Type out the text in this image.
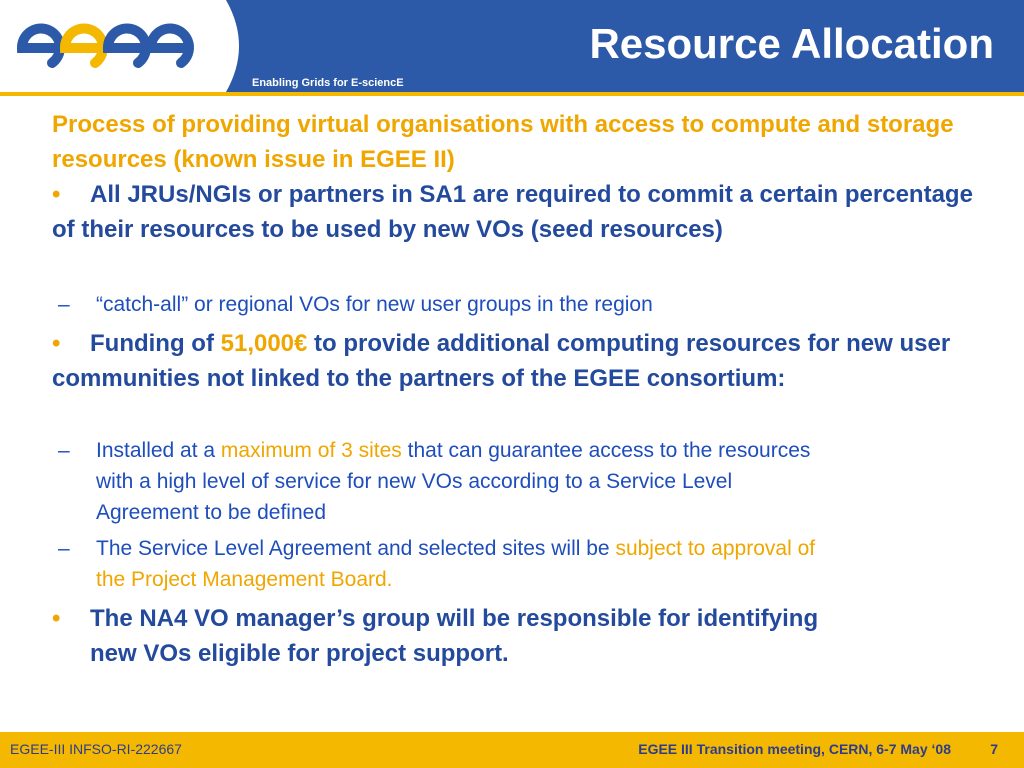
Resource Allocation
Enabling Grids for E-sciencE
Process of providing virtual organisations with access to compute and storage resources (known issue in EGEE II)
• All JRUs/NGIs or partners in SA1 are required to commit a certain percentage of their resources to be used by new VOs (seed resources)
– “catch-all” or regional VOs for new user groups in the region
• Funding of 51,000€ to provide additional computing resources for new user communities not linked to the partners of the EGEE consortium:
– Installed at a maximum of 3 sites that can guarantee access to the resources
with a high level of service for new VOs according to a Service Level
Agreement to be defined
– The Service Level Agreement and selected sites will be subject to approval of
the Project Management Board.
• The NA4 VO manager’s group will be responsible for identifying
new VOs eligible for project support.
EGEE-III INFSO-RI-222667	EGEE III Transition meeting, CERN, 6-7 May ‘08	7
